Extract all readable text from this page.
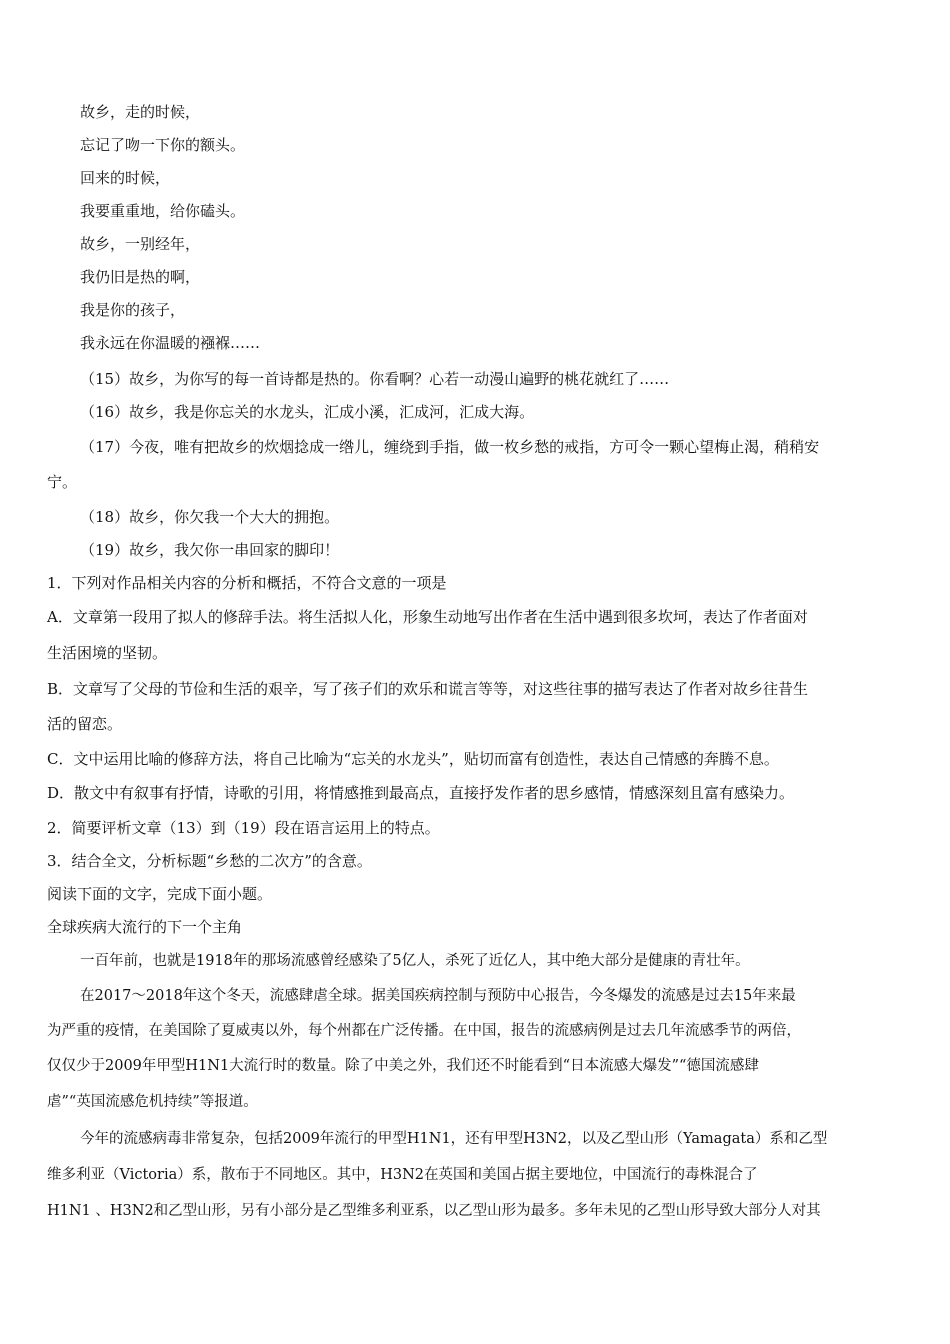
故乡，走的时候，
忘记了吻一下你的额头。
回来的时候，
我要重重地，给你磕头。
故乡，一别经年，
我仍旧是热的啊，
我是你的孩子，
我永远在你温暖的襁褓……
（15）故乡，为你写的每一首诗都是热的。你看啊？心若一动漫山遍野的桃花就红了……
（16）故乡，我是你忘关的水龙头，汇成小溪，汇成河，汇成大海。
（17）今夜，唯有把故乡的炊烟捻成一绺儿，缠绕到手指，做一枚乡愁的戒指，方可令一颗心望梅止渴，稍稍安
宁。
（18）故乡，你欠我一个大大的拥抱。
（19）故乡，我欠你一串回家的脚印！
1．下列对作品相关内容的分析和概括，不符合文意的一项是
A．文章第一段用了拟人的修辞手法。将生活拟人化，形象生动地写出作者在生活中遇到很多坎坷，表达了作者面对
生活困境的坚韧。
B．文章写了父母的节俭和生活的艰辛，写了孩子们的欢乐和谎言等等，对这些往事的描写表达了作者对故乡往昔生
活的留恋。
C．文中运用比喻的修辞方法，将自己比喻为“忘关的水龙头”，贴切而富有创造性，表达自己情感的奔腾不息。
D．散文中有叙事有抒情，诗歌的引用，将情感推到最高点，直接抒发作者的思乡感情，情感深刻且富有感染力。
2．简要评析文章（13）到（19）段在语言运用上的特点。
3．结合全文，分析标题“乡愁的二次方”的含意。
阅读下面的文字，完成下面小题。
全球疾病大流行的下一个主角
一百年前，也就是1918年的那场流感曾经感染了5亿人，杀死了近亿人，其中绝大部分是健康的青壮年。
在2017～2018年这个冬天，流感肆虐全球。据美国疾病控制与预防中心报告，今冬爆发的流感是过去15年来最
为严重的疫情，在美国除了夏威夷以外，每个州都在广泛传播。在中国，报告的流感病例是过去几年流感季节的两倍，
仅仅少于2009年甲型H1N1大流行时的数量。除了中美之外，我们还不时能看到“日本流感大爆发”“德国流感肆
虐”“英国流感危机持续”等报道。
今年的流感病毒非常复杂，包括2009年流行的甲型H1N1，还有甲型H3N2，以及乙型山形（Yamagata）系和乙型
维多利亚（Victoria）系，散布于不同地区。其中，H3N2在英国和美国占据主要地位，中国流行的毒株混合了
H1N1 、H3N2和乙型山形，另有小部分是乙型维多利亚系，以乙型山形为最多。多年未见的乙型山形导致大部分人对其
